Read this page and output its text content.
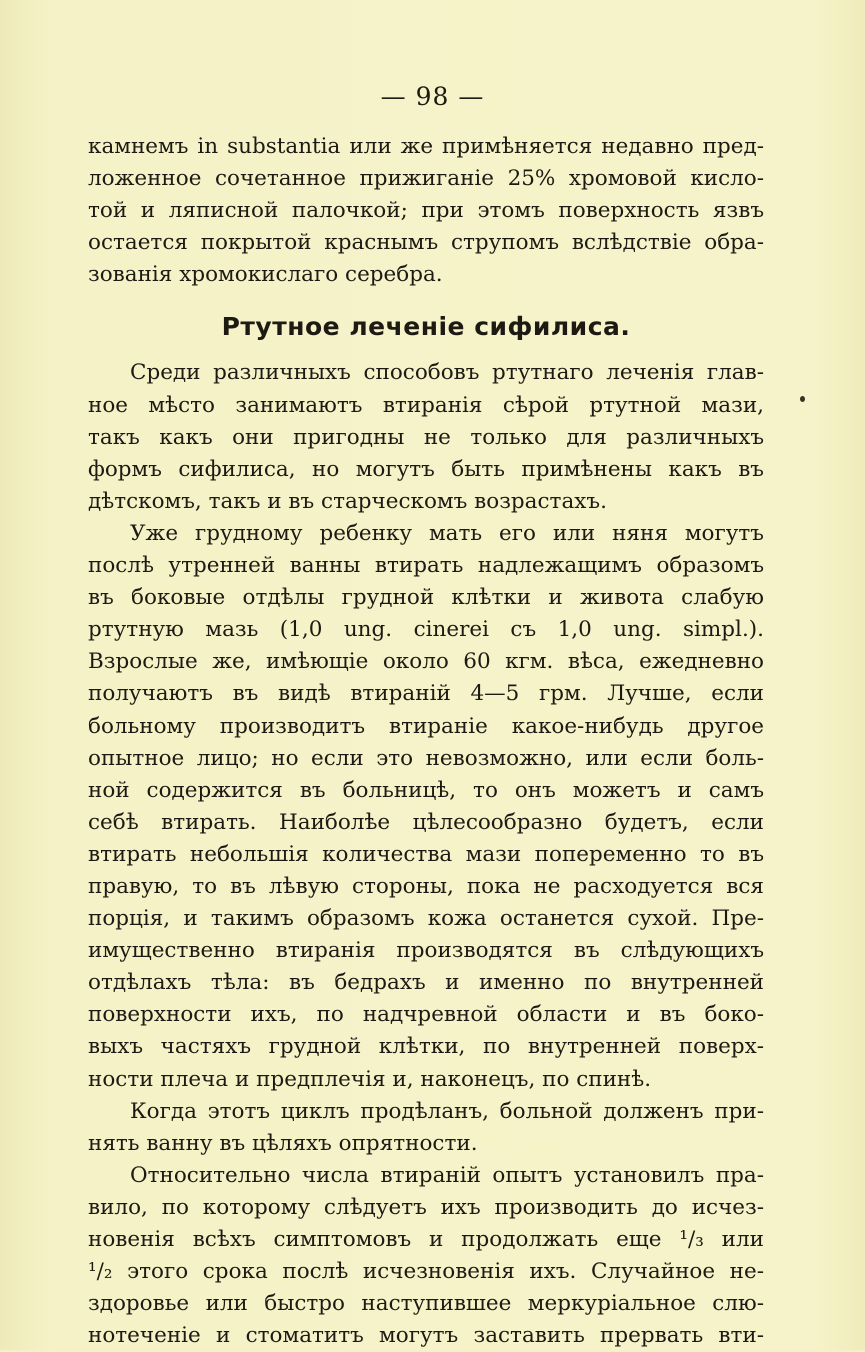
— 98 —
камнемъ in substantia или же примѣняется недавно пред-
ложенное сочетанное прижиганіе 25% хромовой кисло-
той и ляписной палочкой; при этомъ поверхность язвъ
остается покрытой краснымъ струпомъ вслѣдствіе обра-
зованія хромокислаго серебра.
Ртутное леченіе сифилиса.
Среди различныхъ способовъ ртутнаго леченія глав-
ное мѣсто занимаютъ втиранія сѣрой ртутной мази,
такъ какъ они пригодны не только для различныхъ
формъ сифилиса, но могутъ быть примѣнены какъ въ
дѣтскомъ, такъ и въ старческомъ возрастахъ.
Уже грудному ребенку мать его или няня могутъ
послѣ утренней ванны втирать надлежащимъ образомъ
въ боковые отдѣлы грудной клѣтки и живота слабую
ртутную мазь (1,0 ung. cinerei съ 1,0 ung. simpl.).
Взрослые же, имѣющіе около 60 кгм. вѣса, ежедневно
получаютъ въ видѣ втираній 4—5 грм. Лучше, если
больному производитъ втираніе какое-нибудь другое
опытное лицо; но если это невозможно, или если боль-
ной содержится въ больницѣ, то онъ можетъ и самъ
себѣ втирать. Наиболѣе цѣлесообразно будетъ, если
втирать небольшія количества мази попеременно то въ
правую, то въ лѣвую стороны, пока не расходуется вся
порція, и такимъ образомъ кожа останется сухой. Пре-
имущественно втиранія производятся въ слѣдующихъ
отдѣлахъ тѣла: въ бедрахъ и именно по внутренней
поверхности ихъ, по надчревной области и въ боко-
выхъ частяхъ грудной клѣтки, по внутренней поверх-
ности плеча и предплечія и, наконецъ, по спинѣ.
Когда этотъ циклъ продѣланъ, больной долженъ при-
нять ванну въ цѣляхъ опрятности.
Относительно числа втираній опытъ установилъ пра-
вило, по которому слѣдуетъ ихъ производить до исчез-
новенія всѣхъ симптомовъ и продолжать еще ¹/₃ или
¹/₂ этого срока послѣ исчезновенія ихъ. Случайное не-
здоровье или быстро наступившее меркуріальное слю-
нотеченіе и стоматитъ могутъ заставить прервать вти-
